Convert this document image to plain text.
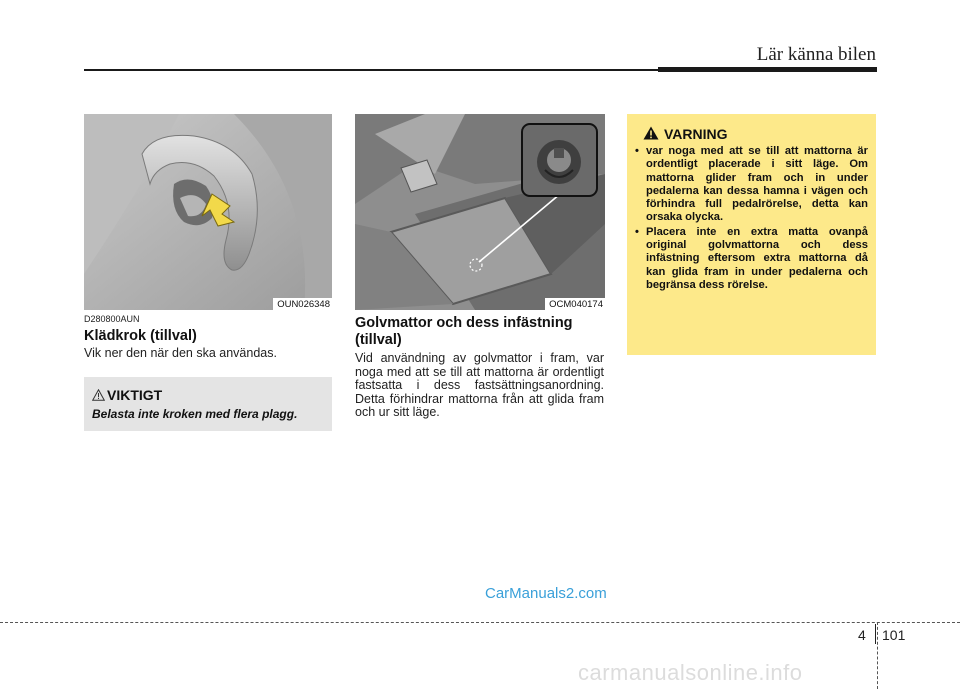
Lär känna bilen
OUN026348
D280800AUN
Klädkrok (tillval)
Vik ner den när den ska användas.
VIKTIGT
Belasta inte kroken med flera plagg.
OCM040174
Golvmattor och dess infästning
(tillval)
Vid användning av golvmattor i fram, var noga med att se till att mattorna är ordentligt fastsatta i dess fastsättningsanordning. Detta förhindrar mattorna från att glida fram och ur sitt läge.
VARNING
• var noga med att se till att mattorna är ordentligt placerade i sitt läge. Om mattorna glider fram och in under pedalerna kan dessa hamna i vägen och förhindra full pedalrörelse, detta kan orsaka olycka.
• Placera inte en extra matta ovanpå original golvmattorna och dess infästning eftersom extra mattorna då kan glida fram in under pedalerna och begränsa dess rörelse.
CarManuals2.com
4 101
carmanualsonline.info
